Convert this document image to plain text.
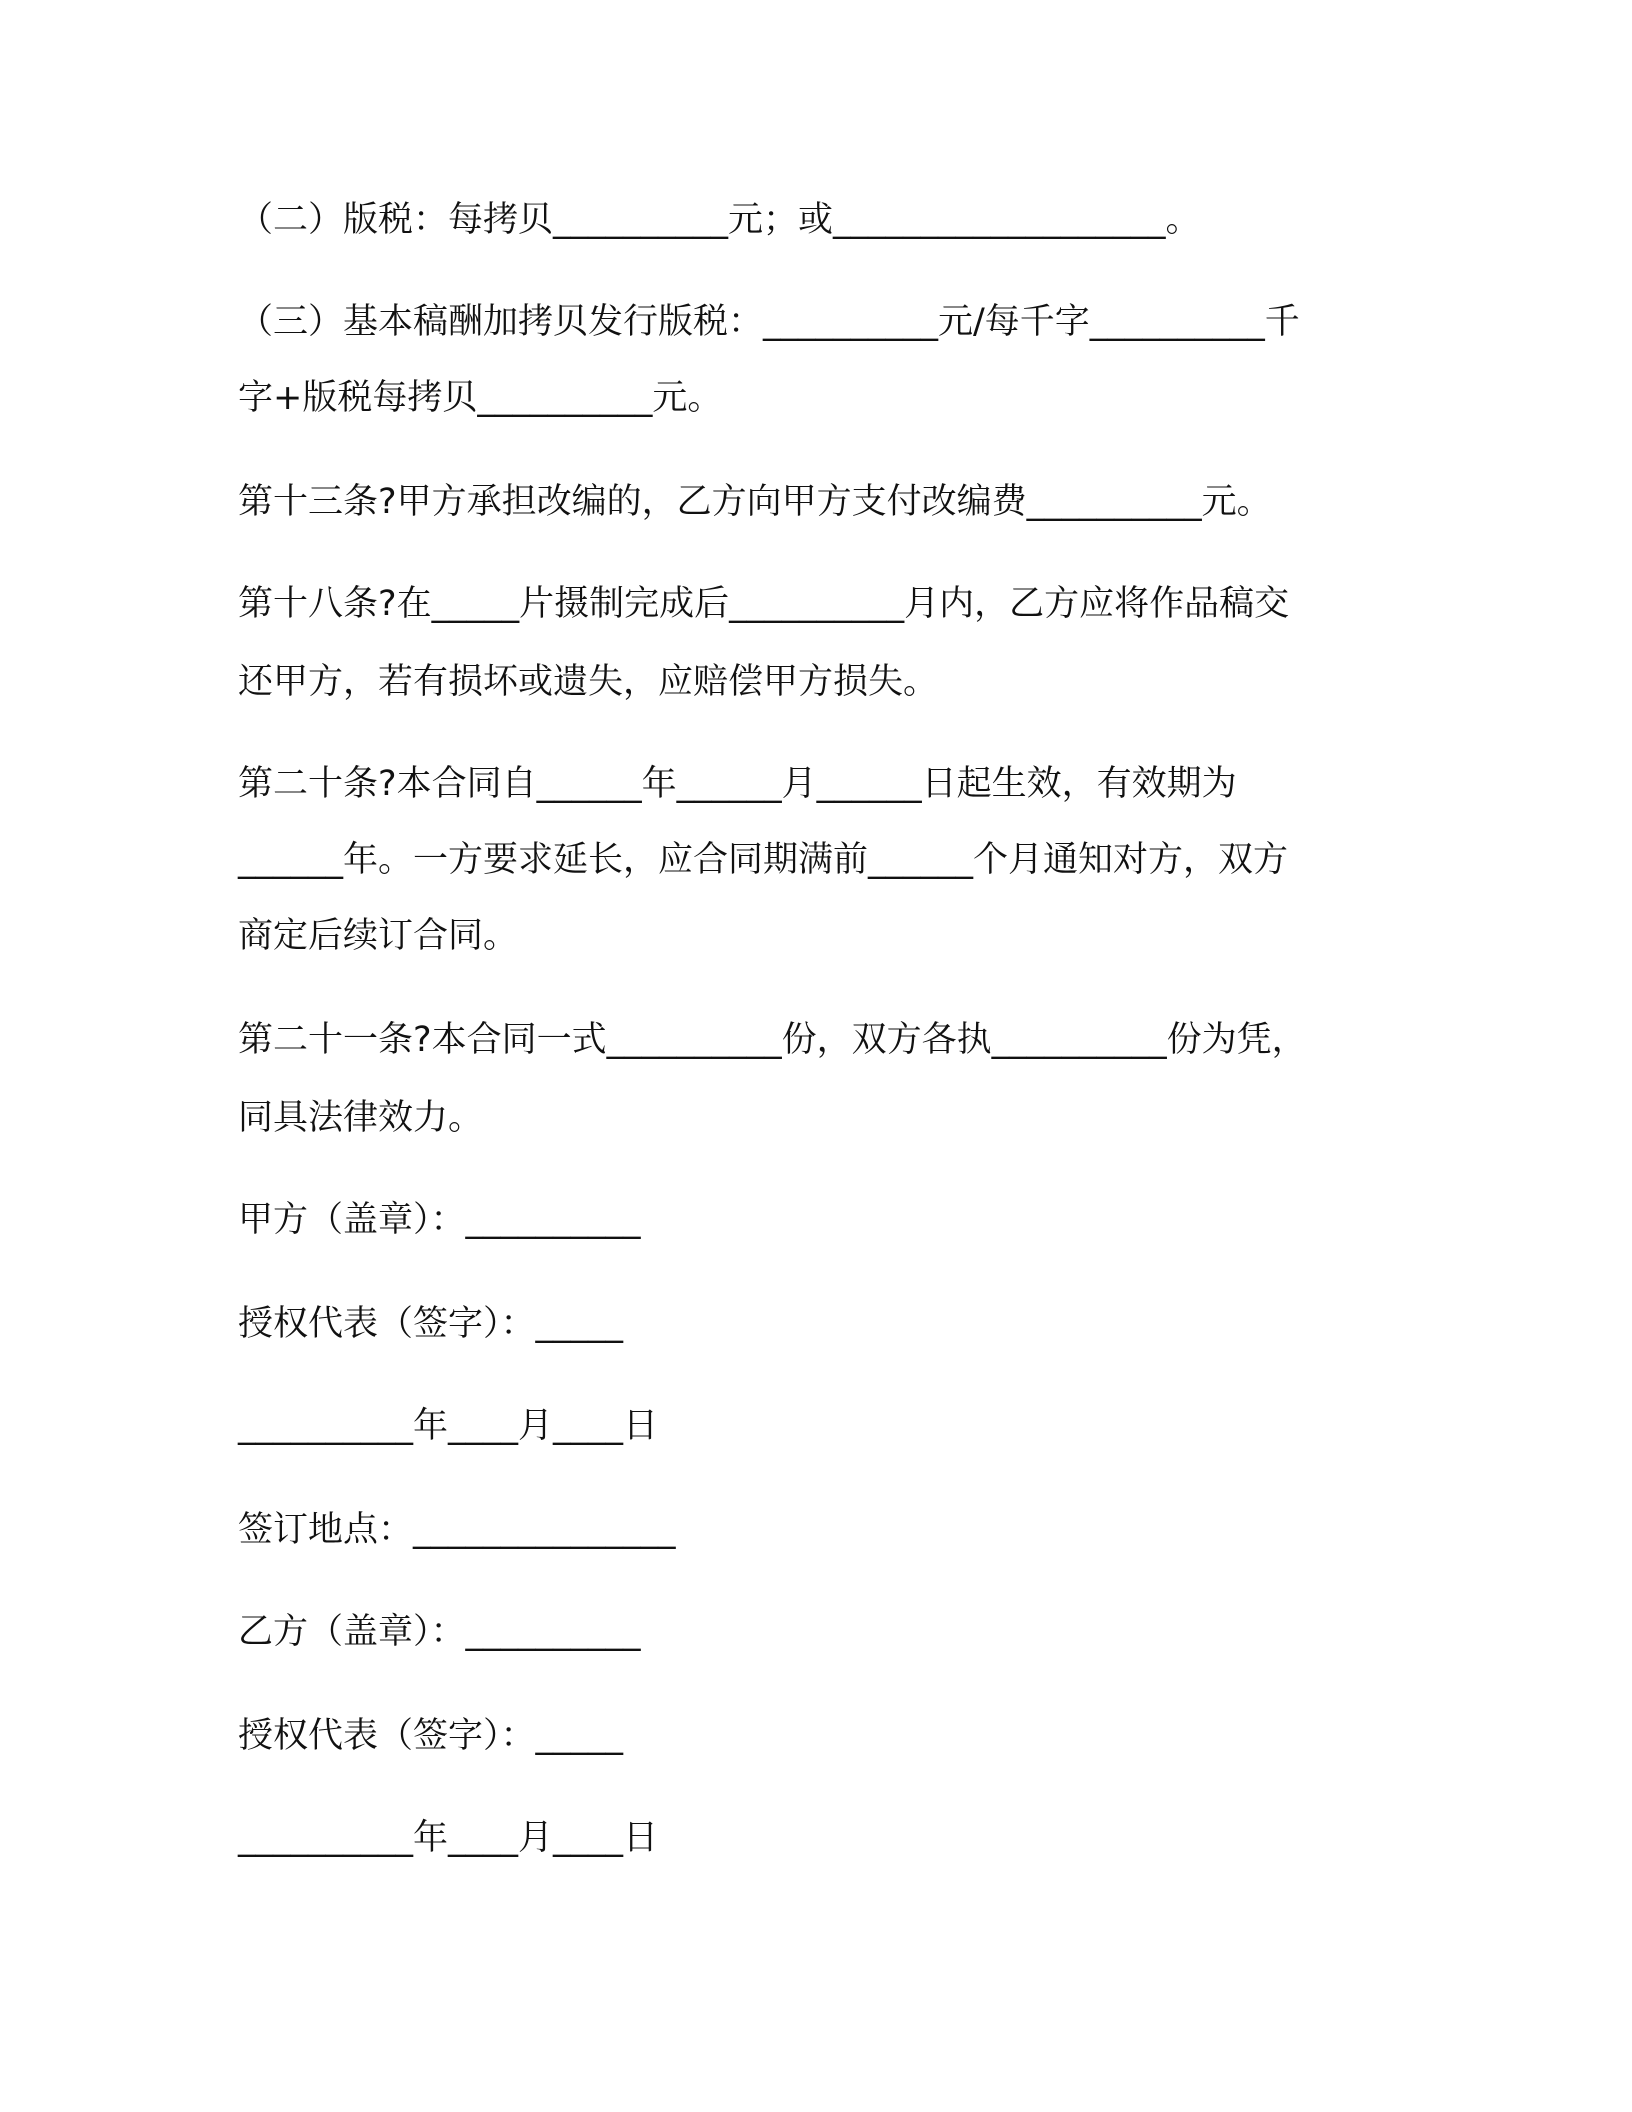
（二）版税：每拷贝__________元；或___________________。
（三）基本稿酬加拷贝发行版税：__________元/每千字__________千
字+版税每拷贝__________元。
第十三条?甲方承担改编的，乙方向甲方支付改编费__________元。
第十八条?在_____片摄制完成后__________月内，乙方应将作品稿交
还甲方，若有损坏或遗失，应赔偿甲方损失。
第二十条?本合同自______年______月______日起生效，有效期为
______年。一方要求延长，应合同期满前______个月通知对方，双方
商定后续订合同。
第二十一条?本合同一式__________份，双方各执__________份为凭，
同具法律效力。
甲方（盖章）：__________
授权代表（签字）：_____
__________年____月____日
签订地点：_______________
乙方（盖章）：__________
授权代表（签字）：_____
__________年____月____日
